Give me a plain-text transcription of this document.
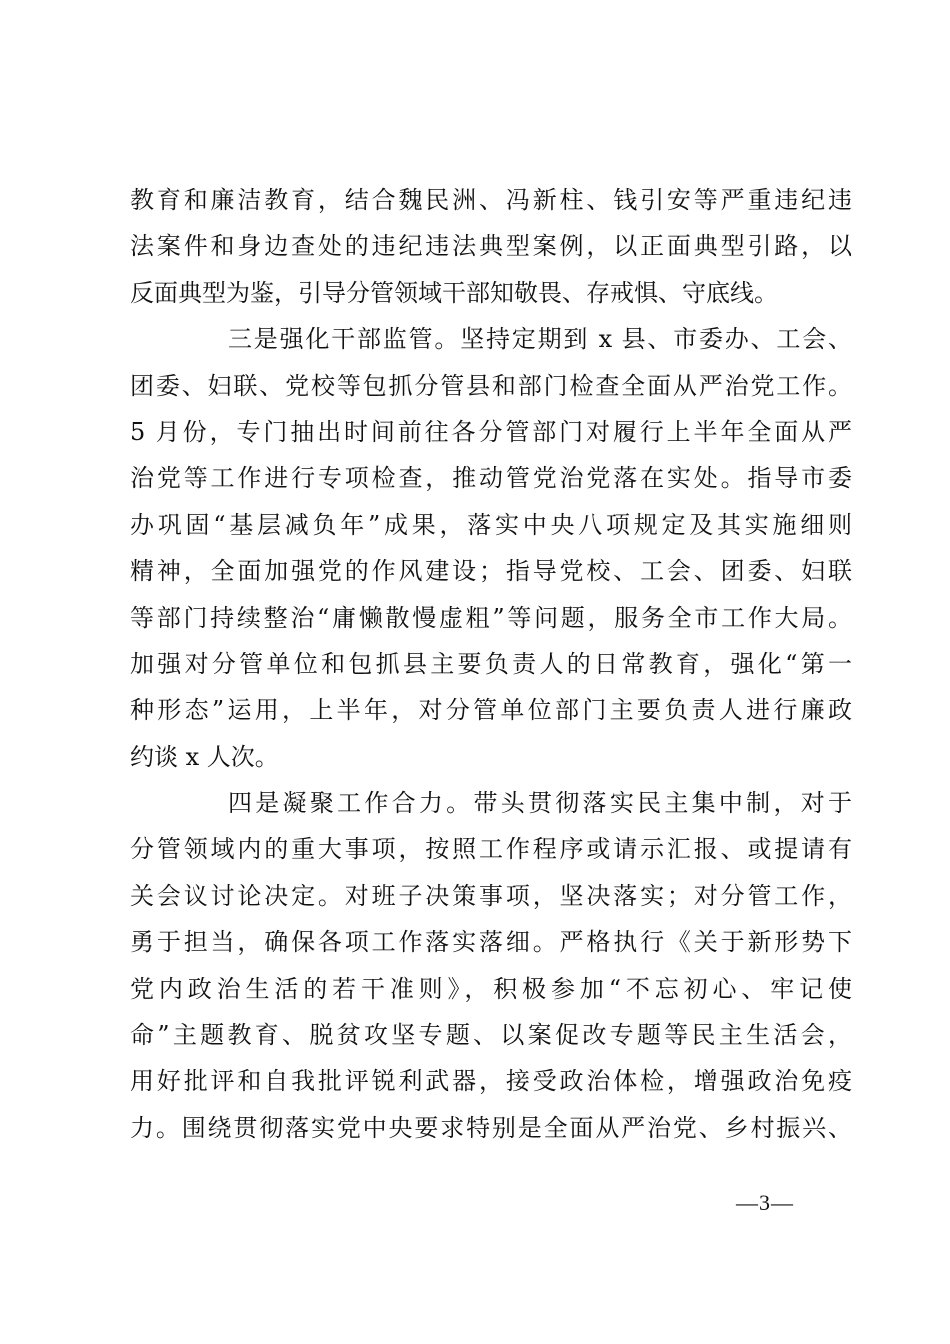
教育和廉洁教育，结合魏民洲、冯新柱、钱引安等严重违纪违
法案件和身边查处的违纪违法典型案例，以正面典型引路，以
反面典型为鉴，引导分管领域干部知敬畏、存戒惧、守底线。
三是强化干部监管。坚持定期到 x 县、市委办、工会、
团委、妇联、党校等包抓分管县和部门检查全面从严治党工作。
5 月份，专门抽出时间前往各分管部门对履行上半年全面从严
治党等工作进行专项检查，推动管党治党落在实处。指导市委
办巩固“基层减负年”成果，落实中央八项规定及其实施细则
精神，全面加强党的作风建设；指导党校、工会、团委、妇联
等部门持续整治“庸懒散慢虚粗”等问题，服务全市工作大局。
加强对分管单位和包抓县主要负责人的日常教育，强化“第一
种形态”运用，上半年，对分管单位部门主要负责人进行廉政
约谈 x 人次。
四是凝聚工作合力。带头贯彻落实民主集中制，对于
分管领域内的重大事项，按照工作程序或请示汇报、或提请有
关会议讨论决定。对班子决策事项，坚决落实；对分管工作，
勇于担当，确保各项工作落实落细。严格执行《关于新形势下
党内政治生活的若干准则》，积极参加“不忘初心、牢记使
命”主题教育、脱贫攻坚专题、以案促改专题等民主生活会，
用好批评和自我批评锐利武器，接受政治体检，增强政治免疫
力。围绕贯彻落实党中央要求特别是全面从严治党、乡村振兴、
—3—
